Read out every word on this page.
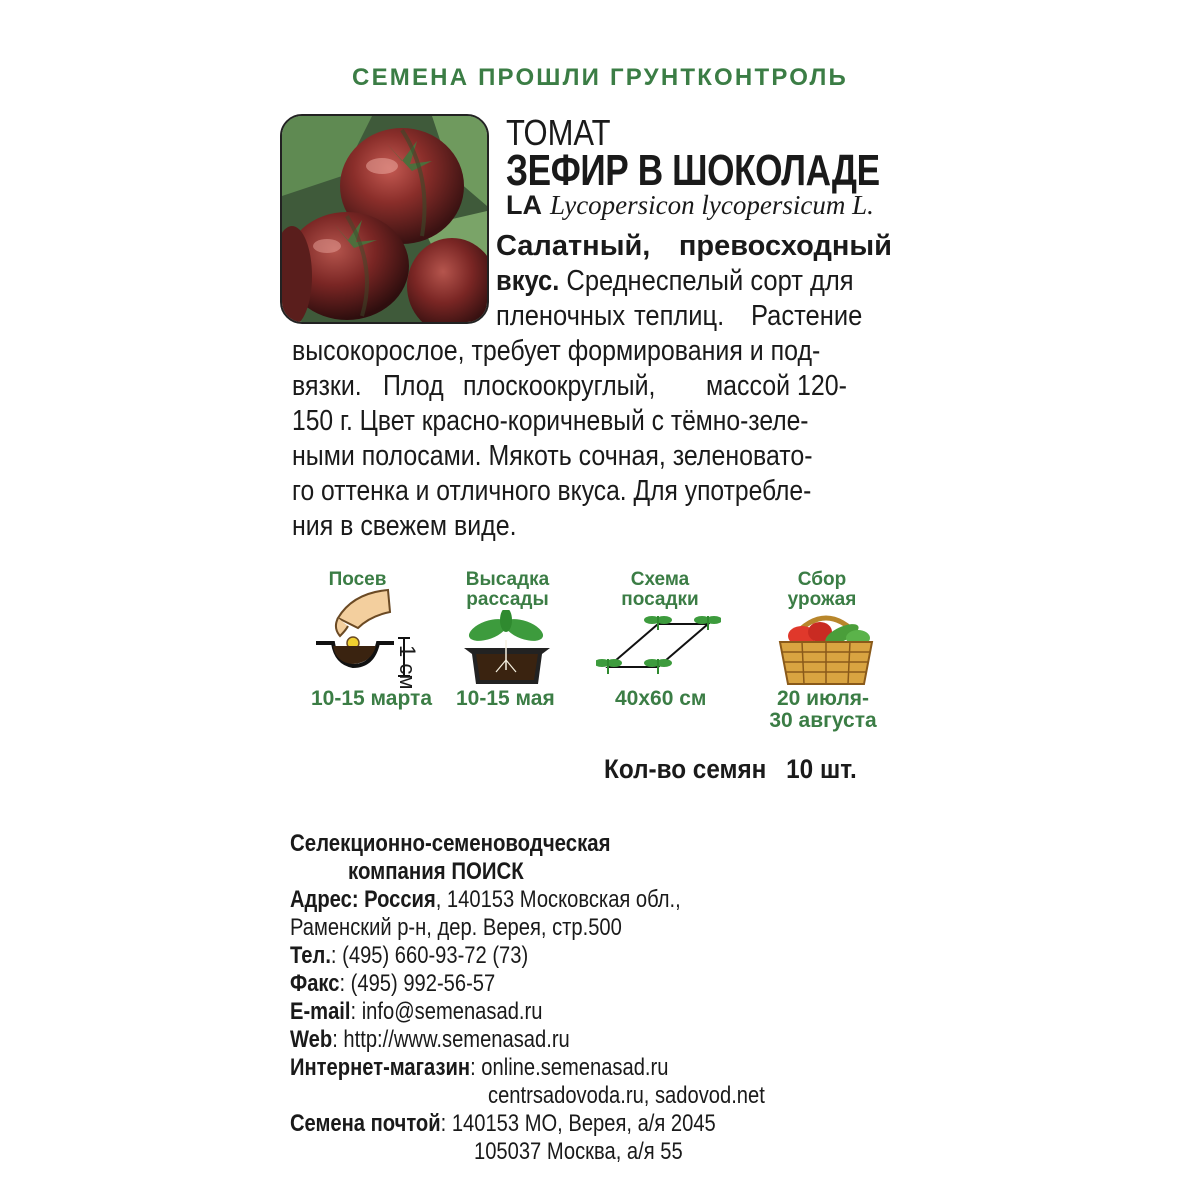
СЕМЕНА ПРОШЛИ ГРУНТКОНТРОЛЬ
ТОМАТ
ЗЕФИР В ШОКОЛАДЕ
LA Lycopersicon lycopersicum L.
Салатный, превосходный
вкус. Среднеспелый сорт для
пленочных теплиц. Растение
высокорослое, требует формирования и под-
вязки. Плод плоскоокруглый, массой 120-
150 г. Цвет красно-коричневый с тёмно-зеле-
ными полосами. Мякоть сочная, зеленовато-
го оттенка и отличного вкуса. Для употребле-
ния в свежем виде.
Посев
1 см
10-15 марта
Высадка
рассады
10-15 мая
Схема
посадки
40x60 см
Сбор
урожая
20 июля-
30 августа
Кол-во семян 10 шт.
Селекционно-семеноводческая
компания ПОИСК
Адрес: Россия, 140153 Московская обл.,
Раменский р-н, дер. Верея, стр.500
Тел.: (495) 660-93-72 (73)
Факс: (495) 992-56-57
E-mail: info@semenasad.ru
Web: http://www.semenasad.ru
Интернет-магазин: online.semenasad.ru
centrsadovoda.ru, sadovod.net
Семена почтой: 140153 МО, Верея, а/я 2045
105037 Москва, а/я 55
